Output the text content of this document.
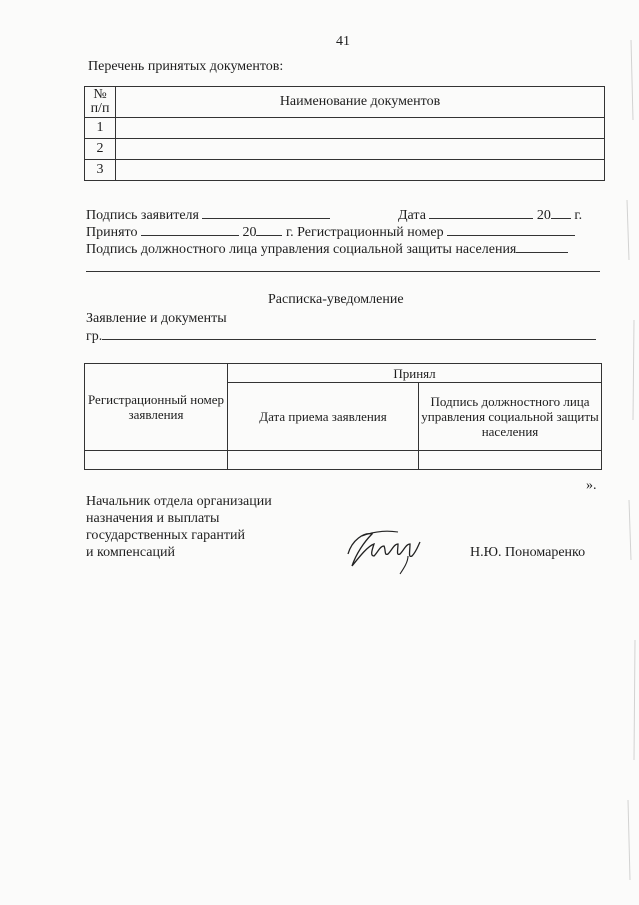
41
Перечень принятых документов:
№ п/п	Наименование документов
1	
2	
3	
Подпись заявителя	Дата	20 г.
Принято	20 г. Регистрационный номер
Подпись должностного лица управления социальной защиты населения
Расписка-уведомление
Заявление и документы
гр.
Регистрационный номер заявления	Принял	
	Дата приема заявления	Подпись должностного лица управления социальной защиты населения

».
Начальник отдела организации
назначения и выплаты
государственных гарантий
и компенсаций	Н.Ю. Пономаренко
